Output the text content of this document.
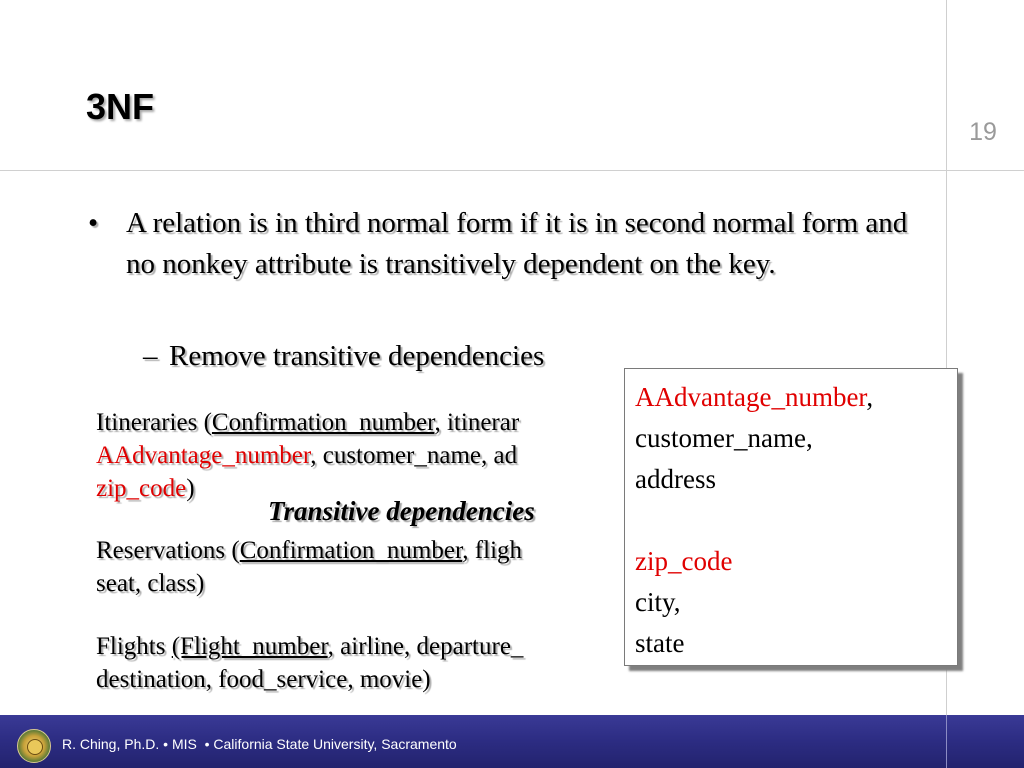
3NF
19
• A relation is in third normal form if it is in second normal form and no nonkey attribute is transitively dependent on the key.
– Remove transitive dependencies
Itineraries (Confirmation_number, itinerar
AAdvantage_number, customer_name, ad
zip_code)
Transitive dependencies
Reservations (Confirmation_number, fligh
seat, class)
Flights (Flight_number, airline, departure_
destination, food_service, movie)
AAdvantage_number,
customer_name,
address
zip_code
city,
state
R. Ching, Ph.D. • MIS  • California State University, Sacramento
